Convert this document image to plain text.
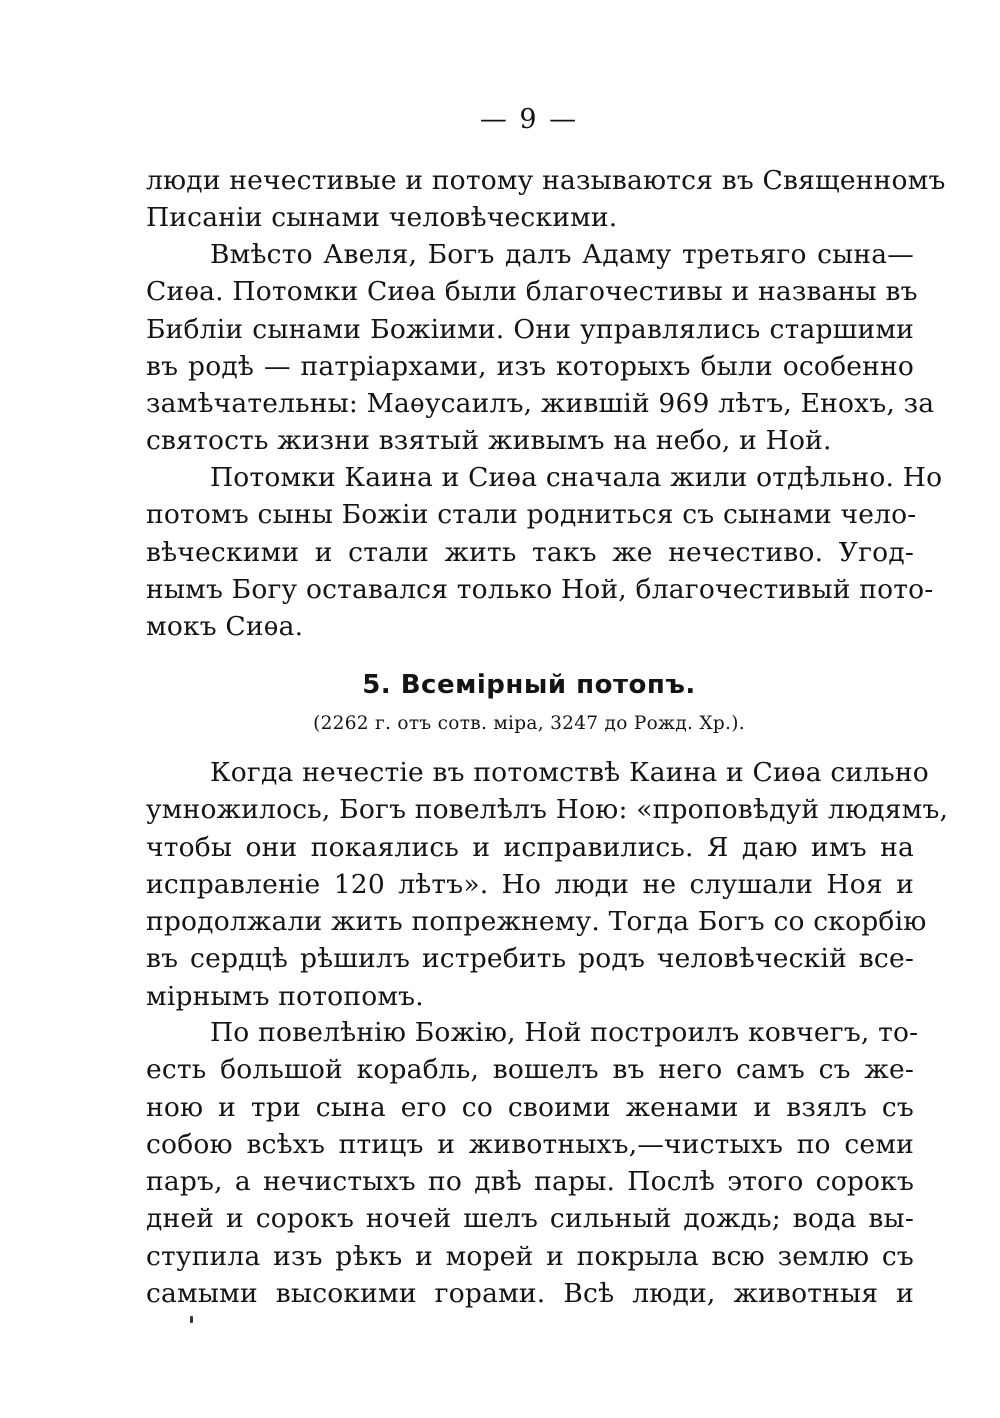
— 9 —
люди нечестивые и потому называются въ Священномъ
Писаніи сынами человѣческими.
Вмѣсто Авеля, Богъ далъ Адаму третьяго сына—
Сиѳа. Потомки Сиѳа были благочестивы и названы въ
Библіи сынами Божіими. Они управлялись старшими
въ родѣ — патріархами, изъ которыхъ были особенно
замѣчательны: Маѳусаилъ, жившій 969 лѣтъ, Енохъ, за
святость жизни взятый живымъ на небо, и Ной.
Потомки Каина и Сиѳа сначала жили отдѣльно. Но
потомъ сыны Божіи стали родниться съ сынами чело-
вѣческими и стали жить такъ же нечестиво. Угод-
нымъ Богу оставался только Ной, благочестивый пото-
мокъ Сиѳа.
5. Всемірный потопъ.
(2262 г. отъ сотв. міра, 3247 до Рожд. Хр.).
Когда нечестіе въ потомствѣ Каина и Сиѳа сильно
умножилось, Богъ повелѣлъ Ною: «проповѣдуй людямъ,
чтобы они покаялись и исправились. Я даю имъ на
исправленіе 120 лѣтъ». Но люди не слушали Ноя и
продолжали жить попрежнему. Тогда Богъ со скорбію
въ сердцѣ рѣшилъ истребить родъ человѣческій все-
мірнымъ потопомъ.
По повелѣнію Божію, Ной построилъ ковчегъ, то-
есть большой корабль, вошелъ въ него самъ съ же-
ною и три сына его со своими женами и взялъ съ
собою всѣхъ птицъ и животныхъ,—чистыхъ по семи
паръ, а нечистыхъ по двѣ пары. Послѣ этого сорокъ
дней и сорокъ ночей шелъ сильный дождь; вода вы-
ступила изъ рѣкъ и морей и покрыла всю землю съ
самыми высокими горами. Всѣ люди, животныя и
